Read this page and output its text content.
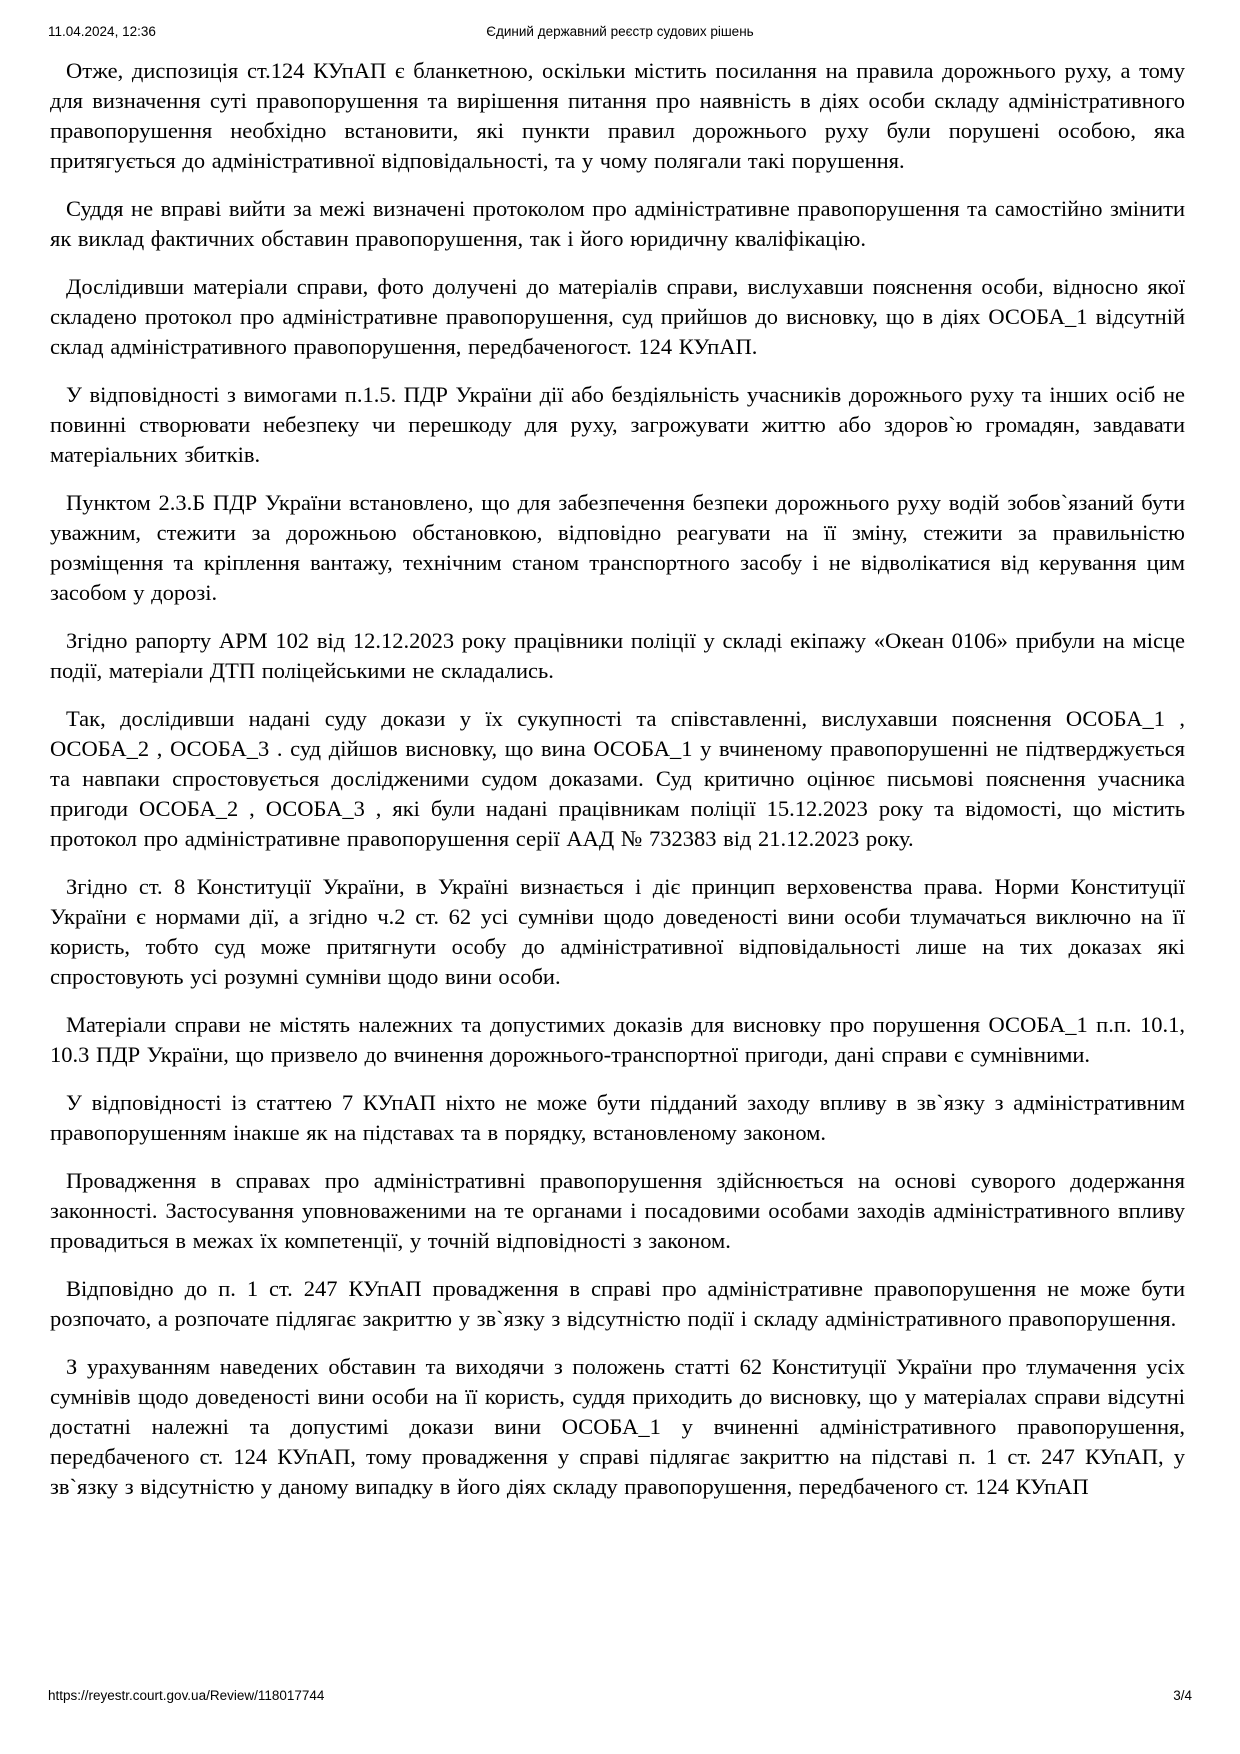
11.04.2024, 12:36	Єдиний державний реєстр судових рішень

Отже, диспозиція ст.124 КУпАП є бланкетною, оскільки містить посилання на правила дорожнього руху, а тому для визначення суті правопорушення та вирішення питання про наявність в діях особи складу адміністративного правопорушення необхідно встановити, які пункти правил дорожнього руху були порушені особою, яка притягується до адміністративної відповідальності, та у чому полягали такі порушення.

Суддя не вправі вийти за межі визначені протоколом про адміністративне правопорушення та самостійно змінити як виклад фактичних обставин правопорушення, так і його юридичну кваліфікацію.

Дослідивши матеріали справи, фото долучені до матеріалів справи, вислухавши пояснення особи, відносно якої складено протокол про адміністративне правопорушення, суд прийшов до висновку, що в діях ОСОБА_1 відсутній склад адміністративного правопорушення, передбаченогост. 124 КУпАП.

У відповідності з вимогами п.1.5. ПДР України дії або бездіяльність учасників дорожнього руху та інших осіб не повинні створювати небезпеку чи перешкоду для руху, загрожувати життю або здоров`ю громадян, завдавати матеріальних збитків.

Пунктом 2.3.Б ПДР України встановлено, що для забезпечення безпеки дорожнього руху водій зобов`язаний бути уважним, стежити за дорожньою обстановкою, відповідно реагувати на її зміну, стежити за правильністю розміщення та кріплення вантажу, технічним станом транспортного засобу і не відволікатися від керування цим засобом у дорозі.

Згідно рапорту АРМ 102 від 12.12.2023 року працівники поліції у складі екіпажу «Океан 0106» прибули на місце події, матеріали ДТП поліцейськими не складались.

Так, дослідивши надані суду докази у їх сукупності та співставленні, вислухавши пояснення ОСОБА_1 , ОСОБА_2 , ОСОБА_3 . суд дійшов висновку, що вина ОСОБА_1 у вчиненому правопорушенні не підтверджується та навпаки спростовується дослідженими судом доказами. Суд критично оцінює письмові пояснення учасника пригоди ОСОБА_2 , ОСОБА_3 , які були надані працівникам поліції 15.12.2023 року та відомості, що містить протокол про адміністративне правопорушення серії ААД № 732383 від 21.12.2023 року.

Згідно ст. 8 Конституції України, в Україні визнається і діє принцип верховенства права. Норми Конституції України є нормами дії, а згідно ч.2 ст. 62 усі сумніви щодо доведеності вини особи тлумачаться виключно на її користь, тобто суд може притягнути особу до адміністративної відповідальності лише на тих доказах які спростовують усі розумні сумніви щодо вини особи.

Матеріали справи не містять належних та допустимих доказів для висновку про порушення ОСОБА_1 п.п. 10.1, 10.3 ПДР України, що призвело до вчинення дорожнього-транспортної пригоди, дані справи є сумнівними.

У відповідності із статтею 7 КУпАП ніхто не може бути підданий заходу впливу в зв`язку з адміністративним правопорушенням інакше як на підставах та в порядку, встановленому законом.

Провадження в справах про адміністративні правопорушення здійснюється на основі суворого додержання законності. Застосування уповноваженими на те органами і посадовими особами заходів адміністративного впливу провадиться в межах їх компетенції, у точній відповідності з законом.

Відповідно до п. 1 ст. 247 КУпАП провадження в справі про адміністративне правопорушення не може бути розпочато, а розпочате підлягає закриттю у зв`язку з відсутністю події і складу адміністративного правопорушення.

З урахуванням наведених обставин та виходячи з положень статті 62 Конституції України про тлумачення усіх сумнівів щодо доведеності вини особи на її користь, суддя приходить до висновку, що у матеріалах справи відсутні достатні належні та допустимі докази вини ОСОБА_1 у вчиненні адміністративного правопорушення, передбаченого ст. 124 КУпАП, тому провадження у справі підлягає закриттю на підставі п. 1 ст. 247 КУпАП, у зв`язку з відсутністю у даному випадку в його діях складу правопорушення, передбаченого ст. 124 КУпАП

https://reyestr.court.gov.ua/Review/118017744	3/4
